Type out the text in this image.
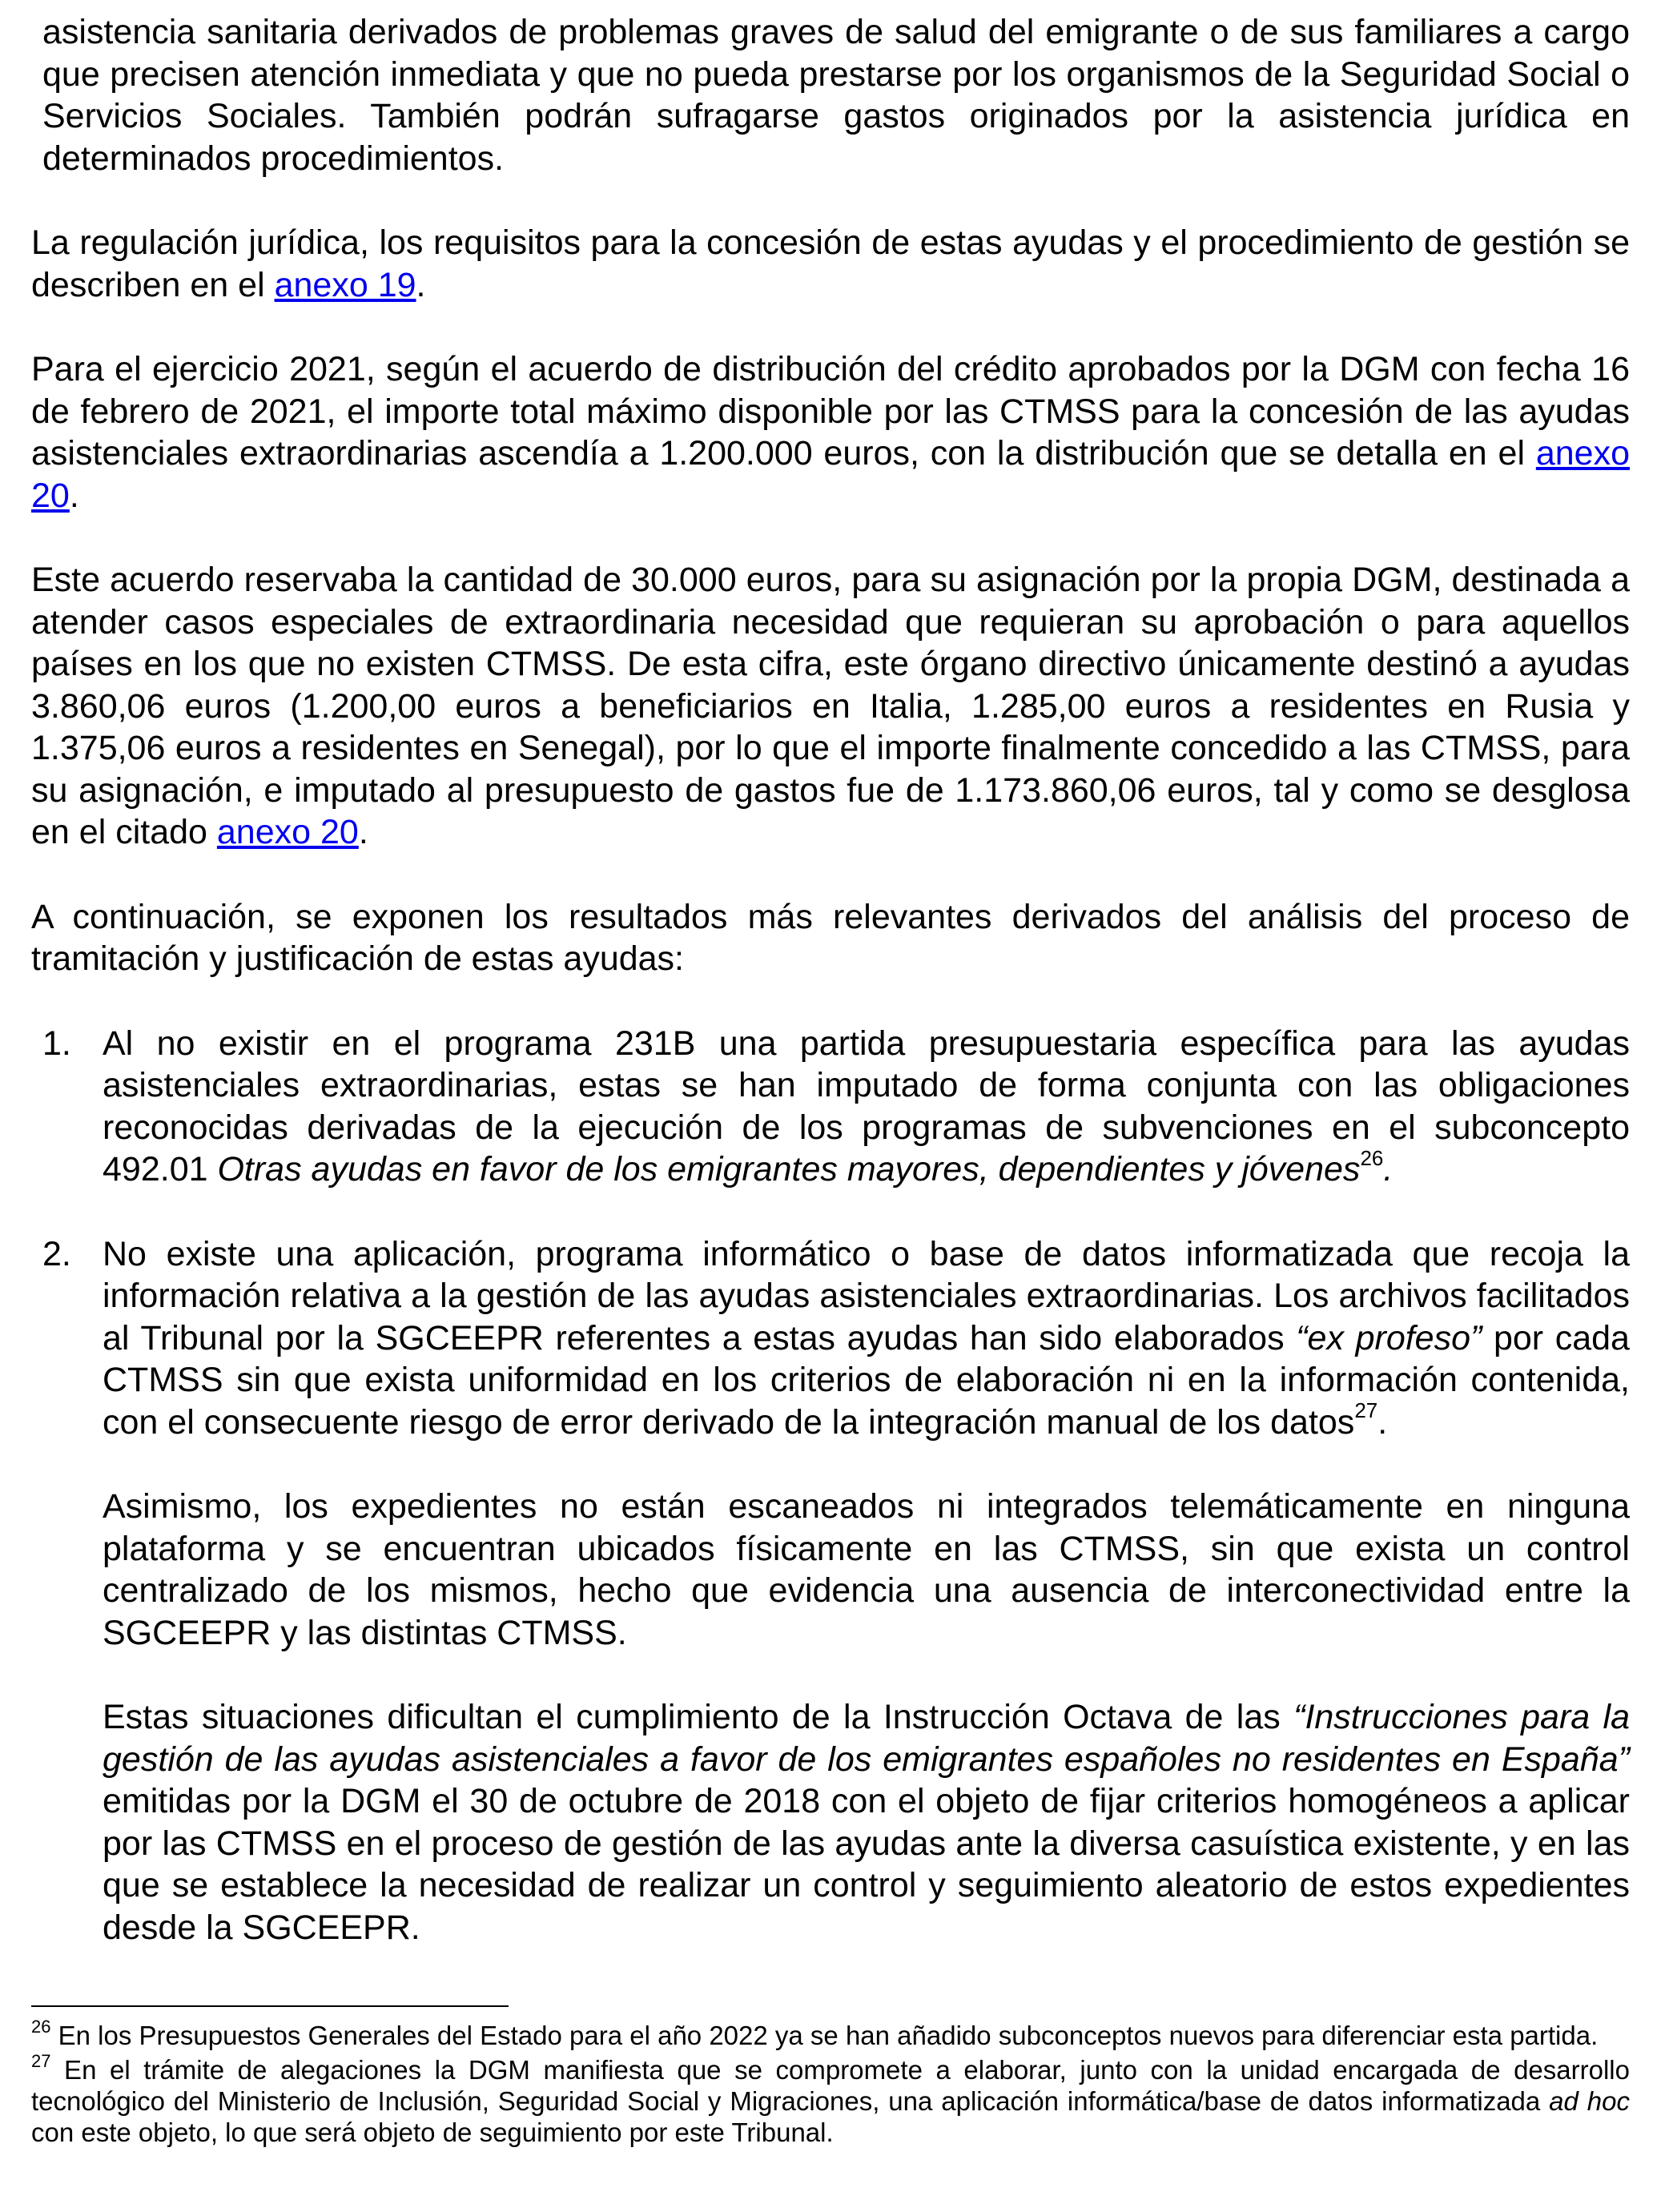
asistencia sanitaria derivados de problemas graves de salud del emigrante o de sus familiares a cargo que precisen atención inmediata y que no pueda prestarse por los organismos de la Seguridad Social o Servicios Sociales. También podrán sufragarse gastos originados por la asistencia jurídica en determinados procedimientos.

La regulación jurídica, los requisitos para la concesión de estas ayudas y el procedimiento de gestión se describen en el anexo 19.

Para el ejercicio 2021, según el acuerdo de distribución del crédito aprobados por la DGM con fecha 16 de febrero de 2021, el importe total máximo disponible por las CTMSS para la concesión de las ayudas asistenciales extraordinarias ascendía a 1.200.000 euros, con la distribución que se detalla en el anexo 20.

Este acuerdo reservaba la cantidad de 30.000 euros, para su asignación por la propia DGM, destinada a atender casos especiales de extraordinaria necesidad que requieran su aprobación o para aquellos países en los que no existen CTMSS. De esta cifra, este órgano directivo únicamente destinó a ayudas 3.860,06 euros (1.200,00 euros a beneficiarios en Italia, 1.285,00 euros a residentes en Rusia y 1.375,06 euros a residentes en Senegal), por lo que el importe finalmente concedido a las CTMSS, para su asignación, e imputado al presupuesto de gastos fue de 1.173.860,06 euros, tal y como se desglosa en el citado anexo 20.

A continuación, se exponen los resultados más relevantes derivados del análisis del proceso de tramitación y justificación de estas ayudas:

1. Al no existir en el programa 231B una partida presupuestaria específica para las ayudas asistenciales extraordinarias, estas se han imputado de forma conjunta con las obligaciones reconocidas derivadas de la ejecución de los programas de subvenciones en el subconcepto 492.01 Otras ayudas en favor de los emigrantes mayores, dependientes y jóvenes$^{26}$.

2. No existe una aplicación, programa informático o base de datos informatizada que recoja la información relativa a la gestión de las ayudas asistenciales extraordinarias. Los archivos facilitados al Tribunal por la SGCEEPR referentes a estas ayudas han sido elaborados “ex profeso” por cada CTMSS sin que exista uniformidad en los criterios de elaboración ni en la información contenida, con el consecuente riesgo de error derivado de la integración manual de los datos$^{27}$.

Asimismo, los expedientes no están escaneados ni integrados telemáticamente en ninguna plataforma y se encuentran ubicados físicamente en las CTMSS, sin que exista un control centralizado de los mismos, hecho que evidencia una ausencia de interconectividad entre la SGCEEPR y las distintas CTMSS.

Estas situaciones dificultan el cumplimiento de la Instrucción Octava de las “Instrucciones para la gestión de las ayudas asistenciales a favor de los emigrantes españoles no residentes en España” emitidas por la DGM el 30 de octubre de 2018 con el objeto de fijar criterios homogéneos a aplicar por las CTMSS en el proceso de gestión de las ayudas ante la diversa casuística existente, y en las que se establece la necesidad de realizar un control y seguimiento aleatorio de estos expedientes desde la SGCEEPR.

$^{26}$ En los Presupuestos Generales del Estado para el año 2022 ya se han añadido subconceptos nuevos para diferenciar esta partida.

$^{27}$ En el trámite de alegaciones la DGM manifiesta que se compromete a elaborar, junto con la unidad encargada de desarrollo tecnológico del Ministerio de Inclusión, Seguridad Social y Migraciones, una aplicación informática/base de datos informatizada ad hoc con este objeto, lo que será objeto de seguimiento por este Tribunal.
